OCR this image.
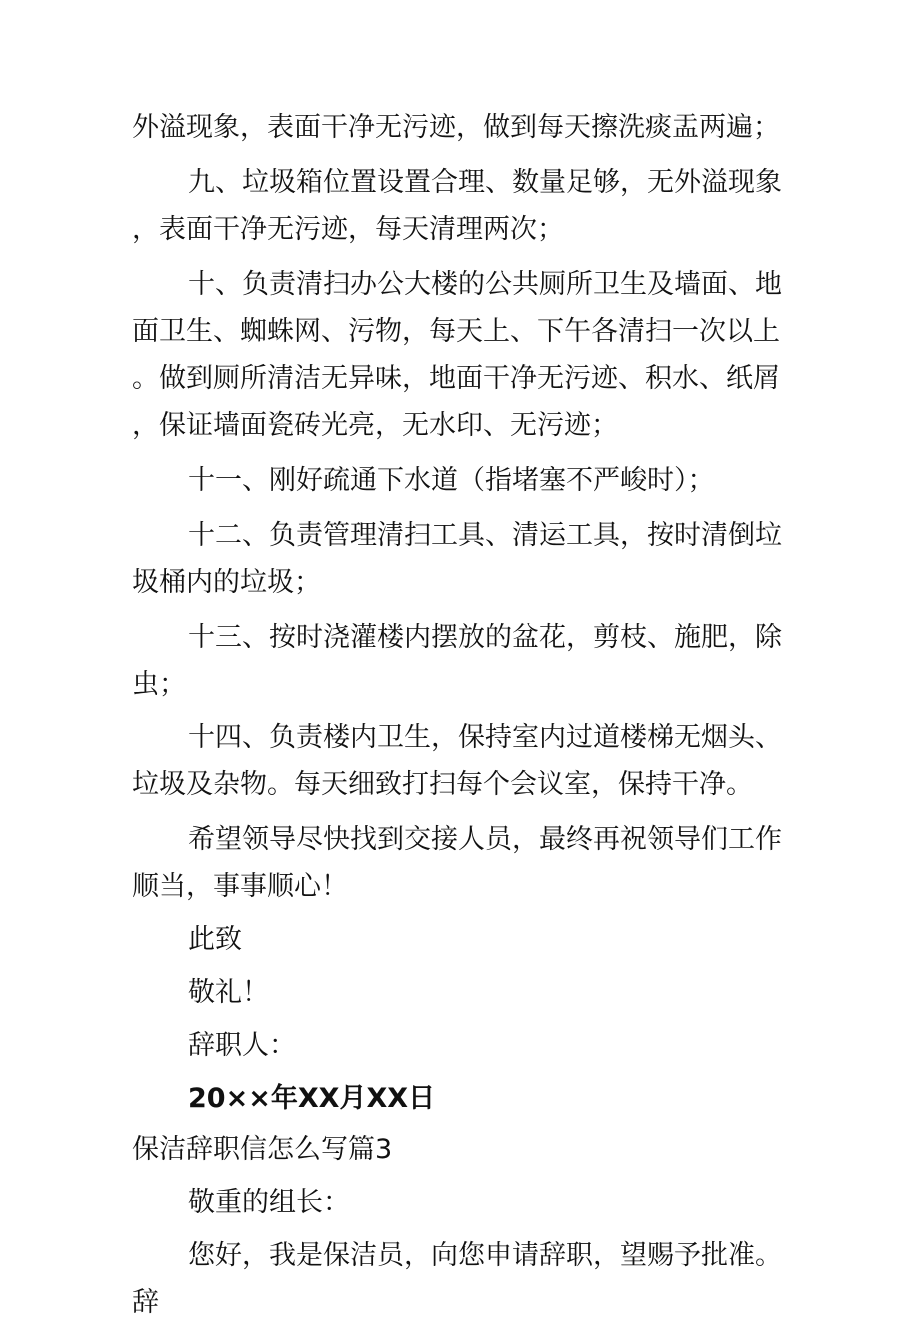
外溢现象，表面干净无污迹，做到每天擦洗痰盂两遍；

九、垃圾箱位置设置合理、数量足够，无外溢现象，表面干净无污迹，每天清理两次；

十、负责清扫办公大楼的公共厕所卫生及墙面、地面卫生、蜘蛛网、污物，每天上、下午各清扫一次以上。做到厕所清洁无异味，地面干净无污迹、积水、纸屑，保证墙面瓷砖光亮，无水印、无污迹；

十一、刚好疏通下水道（指堵塞不严峻时）；

十二、负责管理清扫工具、清运工具，按时清倒垃圾桶内的垃圾；

十三、按时浇灌楼内摆放的盆花，剪枝、施肥，除虫；

十四、负责楼内卫生，保持室内过道楼梯无烟头、垃圾及杂物。每天细致打扫每个会议室，保持干净。

希望领导尽快找到交接人员，最终再祝领导们工作顺当，事事顺心！

此致

敬礼！

辞职人：

20××年XX月XX日

保洁辞职信怎么写篇3

敬重的组长：

您好，我是保洁员，向您申请辞职，望赐予批准。辞
